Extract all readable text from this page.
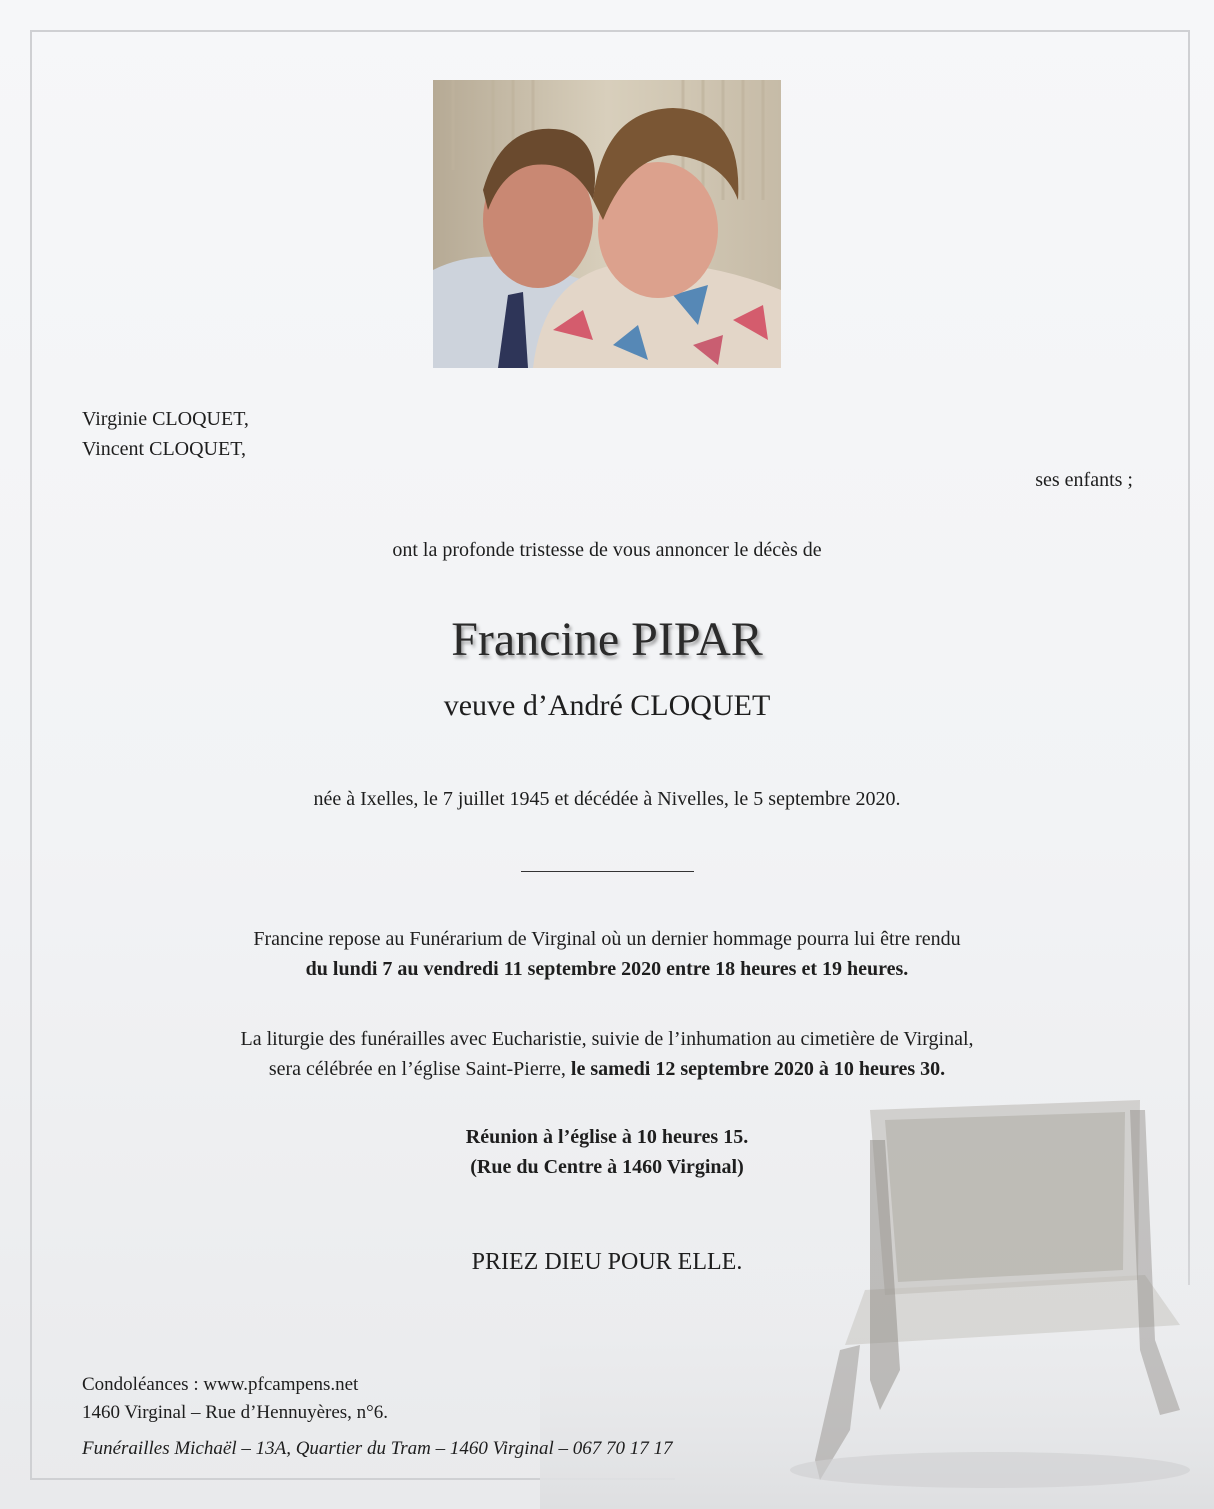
Virginie CLOQUET,
Vincent CLOQUET,
ses enfants ;
ont la profonde tristesse de vous annoncer le décès de
Francine PIPAR
veuve d’André CLOQUET
née à Ixelles, le 7 juillet 1945 et décédée à Nivelles, le 5 septembre 2020.
Francine repose au Funérarium de Virginal où un dernier hommage pourra lui être rendu
du lundi 7 au vendredi 11 septembre 2020 entre 18 heures et 19 heures.
La liturgie des funérailles avec Eucharistie, suivie de l’inhumation au cimetière de Virginal,
sera célébrée en l’église Saint-Pierre, le samedi 12 septembre 2020 à 10 heures 30.
Réunion à l’église à 10 heures 15.
(Rue du Centre à 1460 Virginal)
PRIEZ DIEU POUR ELLE.
Condoléances : www.pfcampens.net
1460 Virginal – Rue d’Hennuyères, n°6.
Funérailles Michaël – 13A, Quartier du Tram – 1460 Virginal – 067 70 17 17
